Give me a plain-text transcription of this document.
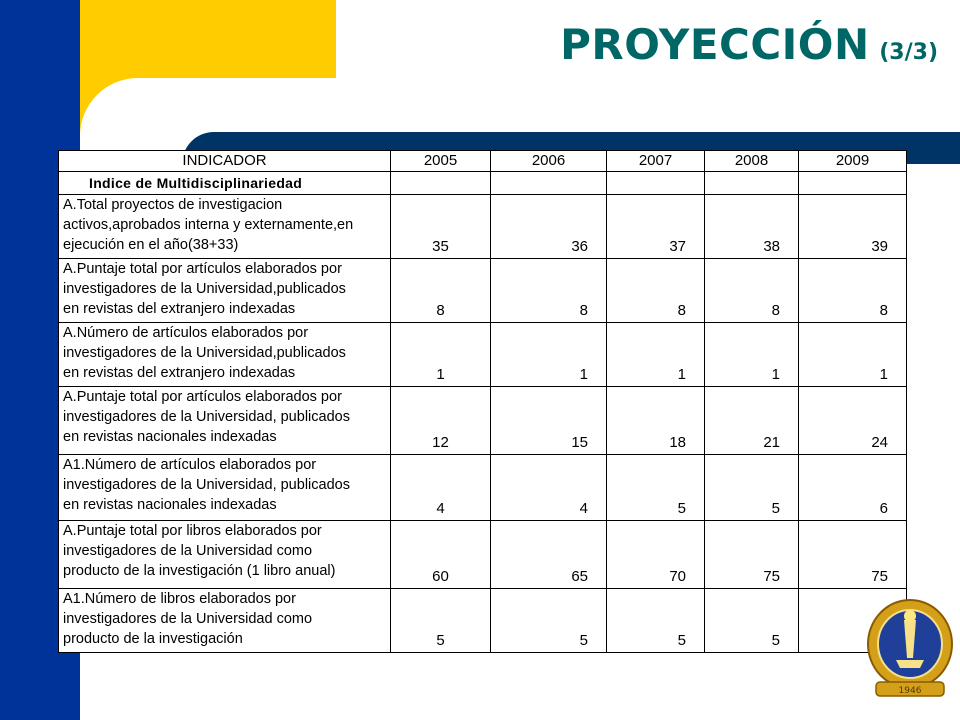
PROYECCIÓN (3/3)
INDICADOR	2005	2006	2007	2008	2009
Indice de Multidisciplinariedad					

A.Total proyectos de investigacion
activos,aprobados interna y externamente,en
ejecución en el año(38+33)	35	36	37	38	39

A.Puntaje total por artículos elaborados por
investigadores de la Universidad,publicados
en revistas del extranjero indexadas	8	8	8	8	8

A.Número de artículos elaborados por
investigadores de la Universidad,publicados
en revistas del extranjero indexadas	1	1	1	1	1

A.Puntaje total por artículos elaborados por
investigadores de la Universidad, publicados
en revistas nacionales indexadas	12	15	18	21	24

A1.Número de artículos elaborados por
investigadores de la Universidad, publicados
en revistas nacionales indexadas	4	4	5	5	6

A.Puntaje total por libros elaborados por
investigadores de la Universidad como
producto de la investigación (1 libro anual)	60	65	70	75	75

A1.Número de libros elaborados por
investigadores de la Universidad como
producto de la investigación	5	5	5	5	
1946
